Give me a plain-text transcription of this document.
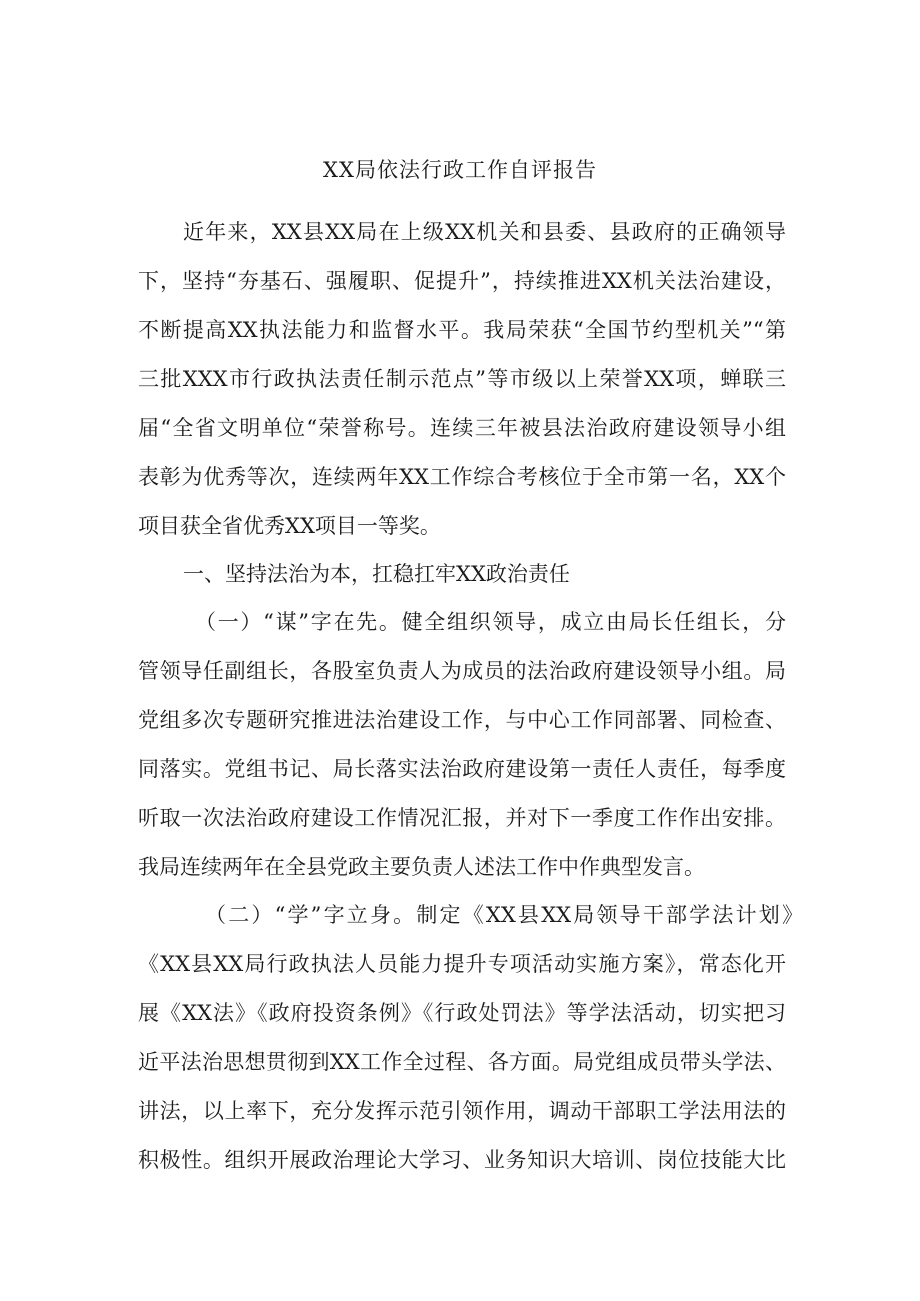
XX局依法行政工作自评报告
近年来，XX县XX局在上级XX机关和县委、县政府的正确领导
下，坚持“夯基石、强履职、促提升”，持续推进XX机关法治建设，
不断提高XX执法能力和监督水平。我局荣获“全国节约型机关”“第
三批XXX市行政执法责任制示范点”等市级以上荣誉XX项，蝉联三
届“全省文明单位“荣誉称号。连续三年被县法治政府建设领导小组
表彰为优秀等次，连续两年XX工作综合考核位于全市第一名，XX个
项目获全省优秀XX项目一等奖。
一、坚持法治为本，扛稳扛牢XX政治责任
（一）“谋”字在先。健全组织领导，成立由局长任组长，分
管领导任副组长，各股室负责人为成员的法治政府建设领导小组。局
党组多次专题研究推进法治建设工作，与中心工作同部署、同检查、
同落实。党组书记、局长落实法治政府建设第一责任人责任，每季度
听取一次法治政府建设工作情况汇报，并对下一季度工作作出安排。
我局连续两年在全县党政主要负责人述法工作中作典型发言。
（二）“学”字立身。制定《XX县XX局领导干部学法计划》
《XX县XX局行政执法人员能力提升专项活动实施方案》，常态化开
展《XX法》《政府投资条例》《行政处罚法》等学法活动，切实把习
近平法治思想贯彻到XX工作全过程、各方面。局党组成员带头学法、
讲法，以上率下，充分发挥示范引领作用，调动干部职工学法用法的
积极性。组织开展政治理论大学习、业务知识大培训、岗位技能大比
